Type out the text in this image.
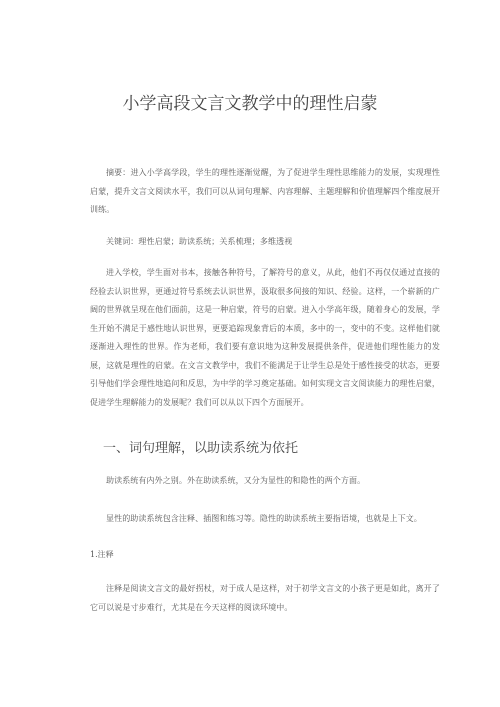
小学高段文言文教学中的理性启蒙

摘要：进入小学高学段，学生的理性逐渐觉醒，为了促进学生理性思维能力的发展，实现理性启蒙，提升文言文阅读水平，我们可以从词句理解、内容理解、主题理解和价值理解四个维度展开训练。

关键词：理性启蒙；助读系统；关系梳理；多维透视

进入学校，学生面对书本，接触各种符号，了解符号的意义，从此，他们不再仅仅通过直接的经验去认识世界，更通过符号系统去认识世界，汲取很多间接的知识、经验。这样，一个崭新的广阔的世界就呈现在他们面前，这是一种启蒙，符号的启蒙。进入小学高年级，随着身心的发展，学生开始不满足于感性地认识世界，更要追踪现象背后的本质，多中的一，变中的不变。这样他们就逐渐进入理性的世界。作为老师，我们要有意识地为这种发展提供条件，促进他们理性能力的发展，这就是理性的启蒙。在文言文教学中，我们不能满足于让学生总是处于感性接受的状态，更要引导他们学会理性地追问和反思，为中学的学习奠定基础。如何实现文言文阅读能力的理性启蒙，促进学生理解能力的发展呢？我们可以从以下四个方面展开。

一、词句理解，以助读系统为依托

助读系统有内外之别。外在助读系统，又分为显性的和隐性的两个方面。

显性的助读系统包含注释、插图和练习等。隐性的助读系统主要指语境，也就是上下文。

1.注释

注释是阅读文言文的最好拐杖，对于成人是这样，对于初学文言文的小孩子更是如此，离开了它可以说是寸步难行，尤其是在今天这样的阅读环境中。
